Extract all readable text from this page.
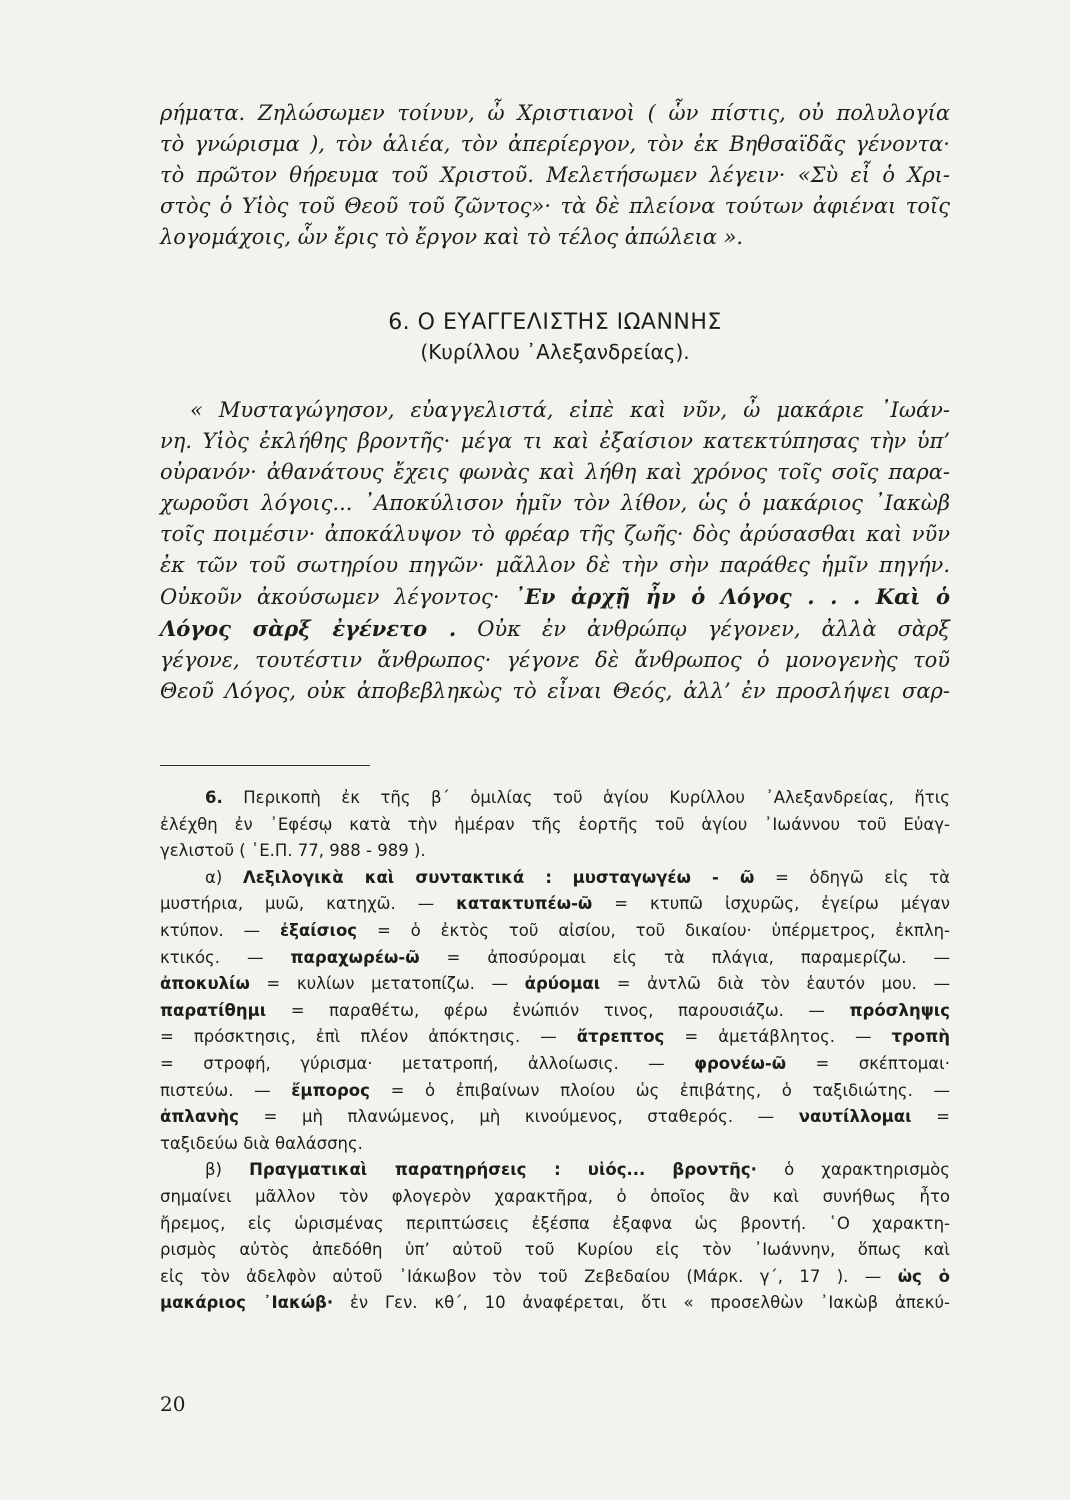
ρήματα. Ζηλώσωμεν τοίνυν, ὦ Χριστιανοὶ ( ὧν πίστις, οὐ πολυλογία
τὸ γνώρισμα ), τὸν ἁλιέα, τὸν ἀπερίεργον, τὸν ἐκ Βηθσαϊδᾶς γένοντα·
τὸ πρῶτον θήρευμα τοῦ Χριστοῦ. Μελετήσωμεν λέγειν· «Σὺ εἶ ὁ Χρι-
στὸς ὁ Υἱὸς τοῦ Θεοῦ τοῦ ζῶντος»· τὰ δὲ πλείονα τούτων ἀφιέναι τοῖς
λογομάχοις, ὧν ἔρις τὸ ἔργον καὶ τὸ τέλος ἀπώλεια ».

6. Ο ΕΥΑΓΓΕΛΙΣΤΗΣ ΙΩΑΝΝΗΣ

(Κυρίλλου ᾿Αλεξανδρείας).

« Μυσταγώγησον, εὐαγγελιστά, εἰπὲ καὶ νῦν, ὦ μακάριε ᾿Ιωάν-
νη. Υἱὸς ἐκλήθης βροντῆς· μέγα τι καὶ ἐξαίσιον κατεκτύπησας τὴν ὑπ’
οὐρανόν· ἀθανάτους ἔχεις φωνὰς καὶ λήθη καὶ χρόνος τοῖς σοῖς παρα-
χωροῦσι λόγοις... ᾿Αποκύλισον ἡμῖν τὸν λίθον, ὡς ὁ μακάριος ᾿Ιακὼβ
τοῖς ποιμέσιν· ἀποκάλυψον τὸ φρέαρ τῆς ζωῆς· δὸς ἀρύσασθαι καὶ νῦν
ἐκ τῶν τοῦ σωτηρίου πηγῶν· μᾶλλον δὲ τὴν σὴν παράθες ἡμῖν πηγήν.
Οὐκοῦν ἀκούσωμεν λέγοντος· ᾿Εν ἀρχῇ ἦν ὁ Λόγος . . . Καὶ ὁ
Λόγος σὰρξ ἐγένετο . Οὐκ ἐν ἀνθρώπῳ γέγονεν, ἀλλὰ σὰρξ
γέγονε, τουτέστιν ἄνθρωπος· γέγονε δὲ ἄνθρωπος ὁ μονογενὴς τοῦ
Θεοῦ Λόγος, οὐκ ἀποβεβληκὼς τὸ εἶναι Θεός, ἀλλ’ ἐν προσλήψει σαρ-

6. Περικοπὴ ἐκ τῆς β΄ ὁμιλίας τοῦ ἁγίου Κυρίλλου ᾿Αλεξανδρείας, ἥτις
ἐλέχθη ἐν ᾿Εφέσῳ κατὰ τὴν ἡμέραν τῆς ἑορτῆς τοῦ ἁγίου ᾿Ιωάννου τοῦ Εὐαγ-
γελιστοῦ ( ῾Ε.Π. 77, 988 - 989 ).
α) Λεξιλογικὰ καὶ συντακτικά : μυσταγωγέω - ῶ = ὁδηγῶ εἰς τὰ
μυστήρια, μυῶ, κατηχῶ. — κατακτυπέω-ῶ = κτυπῶ ἰσχυρῶς, ἐγείρω μέγαν
κτύπον. — ἐξαίσιος = ὁ ἐκτὸς τοῦ αἰσίου, τοῦ δικαίου· ὑπέρμετρος, ἐκπλη-
κτικός. — παραχωρέω-ῶ = ἀποσύρομαι εἰς τὰ πλάγια, παραμερίζω. —
ἀποκυλίω = κυλίων μετατοπίζω. — ἀρύομαι = ἀντλῶ διὰ τὸν ἑαυτόν μου. —
παρατίθημι = παραθέτω, φέρω ἐνώπιόν τινος, παρουσιάζω. — πρόσληψις
= πρόσκτησις, ἐπὶ πλέον ἀπόκτησις. — ἄτρεπτος = ἀμετάβλητος. — τροπὴ
= στροφή, γύρισμα· μετατροπή, ἀλλοίωσις. — φρονέω-ῶ = σκέπτομαι·
πιστεύω. — ἔμπορος = ὁ ἐπιβαίνων πλοίου ὡς ἐπιβάτης, ὁ ταξιδιώτης. —
ἀπλανὴς = μὴ πλανώμενος, μὴ κινούμενος, σταθερός. — ναυτίλλομαι =
ταξιδεύω διὰ θαλάσσης.
β) Πραγματικαὶ παρατηρήσεις : υἱός... βροντῆς· ὁ χαρακτηρισμὸς
σημαίνει μᾶλλον τὸν φλογερὸν χαρακτῆρα, ὁ ὁποῖος ἂν καὶ συνήθως ἦτο
ἤρεμος, εἰς ὡρισμένας περιπτώσεις ἐξέσπα ἐξαφνα ὡς βροντή. ῾Ο χαρακτη-
ρισμὸς αὐτὸς ἀπεδόθη ὑπ’ αὐτοῦ τοῦ Κυρίου εἰς τὸν ᾿Ιωάννην, ὅπως καὶ
εἰς τὸν ἀδελφὸν αὐτοῦ ᾿Ιάκωβον τὸν τοῦ Ζεβεδαίου (Μάρκ. γ΄, 17 ). — ὡς ὁ
μακάριος ᾿Ιακώβ· ἐν Γεν. κθ΄, 10 ἀναφέρεται, ὅτι « προσελθὼν ᾿Ιακὼβ ἀπεκύ-
20
